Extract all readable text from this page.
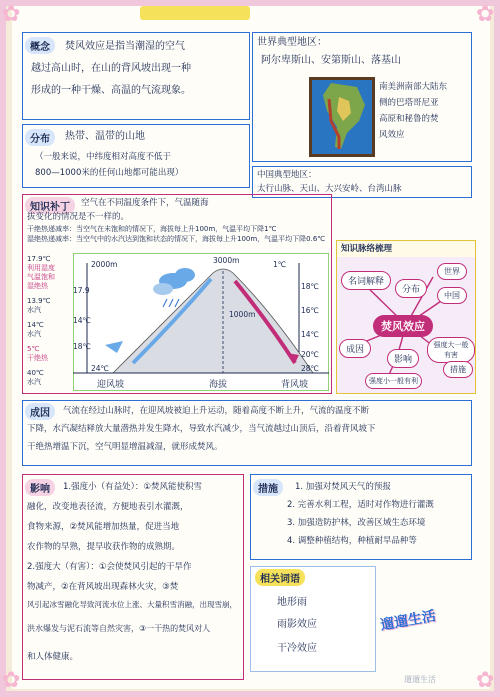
✿	✿
✿	✿
概念	焚风效应是指当潮湿的空气
越过高山时，在山的背风坡出现一种
形成的一种干燥、高温的气流现象。
世界典型地区：
阿尔卑斯山、安第斯山、落基山
南美洲南部大陆东
侧的巴塔哥尼亚
高原和秘鲁的焚
风效应
分布	热带、温带的山地
（一般来说，中纬度相对高度不低于
800—1000米的任何山地都可能出现）	中国典型地区：
太行山脉、天山、大兴安岭、台湾山脉
知识补丁	空气在不同温度条件下，气温随海
拔变化的情况是不一样的。
干绝热递减率：当空气在未饱和的情况下，海拔每上升100m，气温平均下降1℃
湿绝热递减率：当空气中的水汽达到饱和状态的情况下，海拔每上升100m，气温平均下降0.6℃
17.9℃
利用湿度
气温饱和
湿绝热
13.9℃
水汽
14℃
水汽
5℃
干绝热
40℃
水汽
2000m
24℃
3000m	1℃
18℃
16℃
14℃
20℃
28℃
17.9
14℃
18℃
迎风坡	海拔	背风坡
1000m
知识脉络梳理
名词解释
分布
世界
中国
焚风效应
成因
影响
强度大一般有害
措施
强度小一般有利
成因	气流在经过山脉时，在迎风坡被迫上升运动，随着高度不断上升，气流的温度不断
下降，水汽凝结释放大量潜热并发生降水，导致水汽减少，当气流越过山顶后，沿着背风坡下
干绝热增温下沉，空气明显增温减湿，就形成焚风。
影响	1.强度小（有益处）：①焚风能使积雪
融化，改变地表径流，方便地表引水灌溉，
食物来源，②焚风能增加热量，促进当地
农作物的早熟，提早收获作物的成熟期。
2.强度大（有害）：①会使焚风引起的干旱作
物减产，②在背风坡出现森林火灾，③焚
风引起冰雪融化导致河流水位上涨、大量积雪消融，出现雪崩，
洪水爆发与泥石流等自然灾害，③一干热的焚风对人
和人体健康。
措施	1. 加强对焚风天气的预报
2. 完善水利工程，适时对作物进行灌溉
3. 加强造防护林，改善区域生态环境
4. 调整种植结构，种植耐旱品种等
相关词语
地形雨
雨影效应
干冷效应
遛遛生活
遛遛生活
